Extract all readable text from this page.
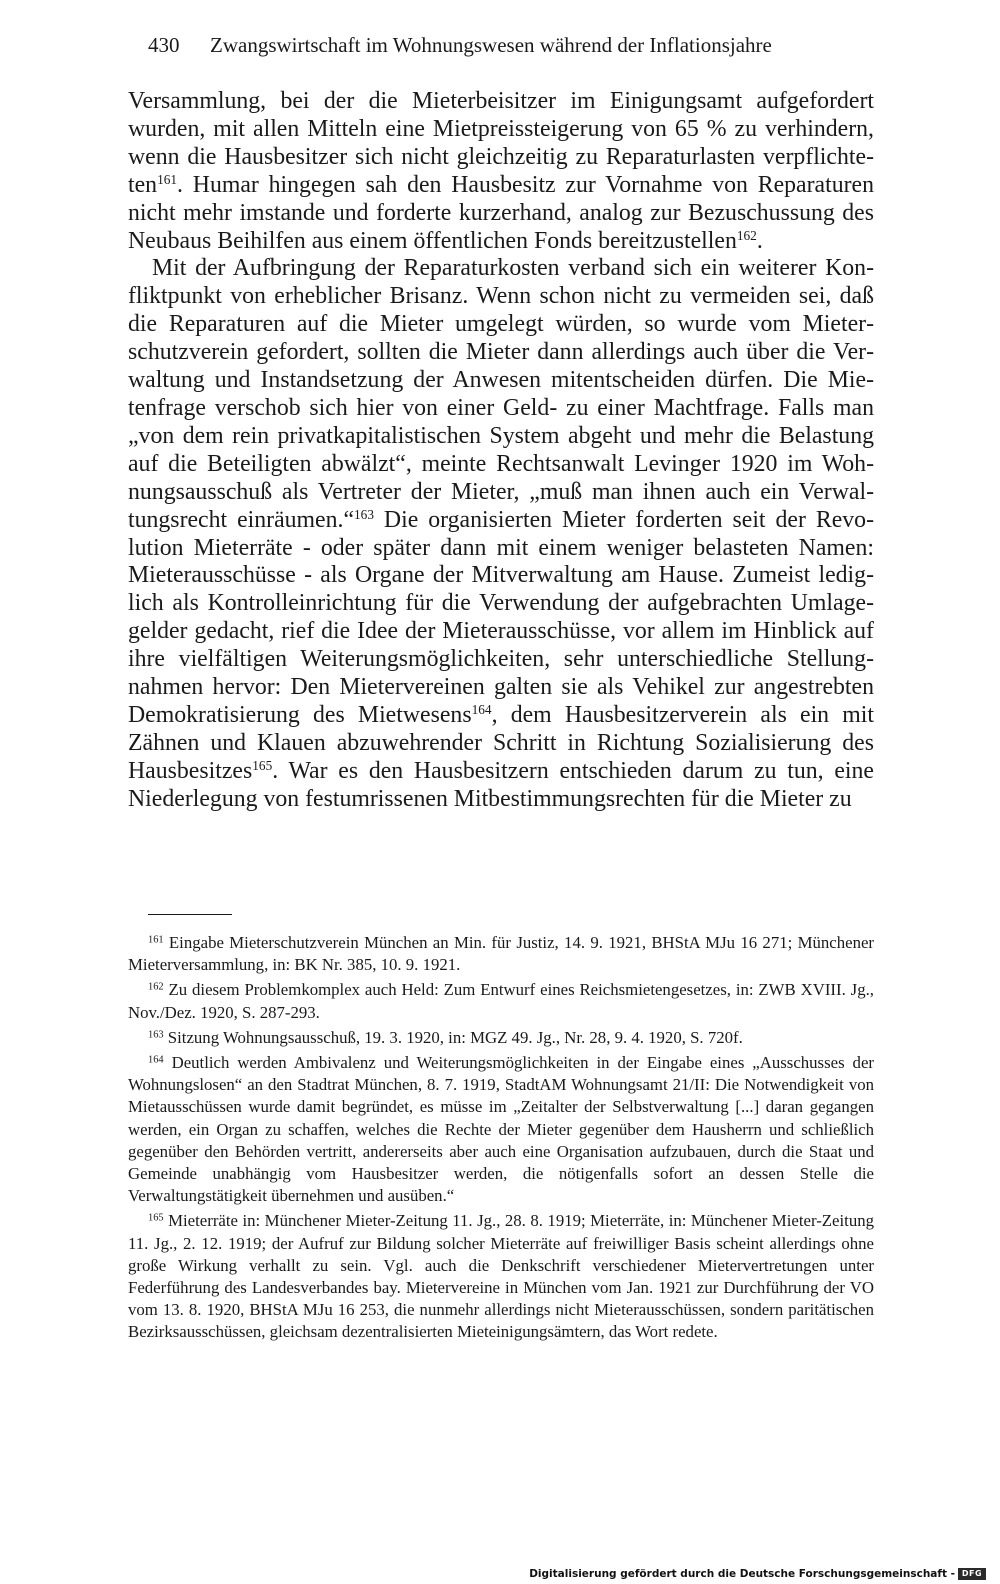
430 Zwangswirtschaft im Wohnungswesen während der Inflationsjahre

Versammlung, bei der die Mieterbeisitzer im Einigungsamt aufgefordert wurden, mit allen Mitteln eine Mietpreissteigerung von 65 % zu verhindern, wenn die Hausbesitzer sich nicht gleichzeitig zu Reparaturlasten verpflichteten$^{161}$. Humar hingegen sah den Hausbesitz zur Vornahme von Reparaturen nicht mehr imstande und forderte kurzerhand, analog zur Bezuschussung des Neubaus Beihilfen aus einem öffentlichen Fonds bereitzustellen$^{162}$.

Mit der Aufbringung der Reparaturkosten verband sich ein weiterer Konfliktpunkt von erheblicher Brisanz. Wenn schon nicht zu vermeiden sei, daß die Reparaturen auf die Mieter umgelegt würden, so wurde vom Mieterschutzverein gefordert, sollten die Mieter dann allerdings auch über die Verwaltung und Instandsetzung der Anwesen mitentscheiden dürfen. Die Mietenfrage verschob sich hier von einer Geld- zu einer Machtfrage. Falls man „von dem rein privatkapitalistischen System abgeht und mehr die Belastung auf die Beteiligten abwälzt“, meinte Rechtsanwalt Levinger 1920 im Wohnungsausschuß als Vertreter der Mieter, „muß man ihnen auch ein Verwaltungsrecht einräumen.“$^{163}$ Die organisierten Mieter forderten seit der Revolution Mieterräte - oder später dann mit einem weniger belasteten Namen: Mieterausschüsse - als Organe der Mitverwaltung am Hause. Zumeist lediglich als Kontrolleinrichtung für die Verwendung der aufgebrachten Umlagegelder gedacht, rief die Idee der Mieterausschüsse, vor allem im Hinblick auf ihre vielfältigen Weiterungsmöglichkeiten, sehr unterschiedliche Stellungnahmen hervor: Den Mietervereinen galten sie als Vehikel zur angestrebten Demokratisierung des Mietwesens$^{164}$, dem Hausbesitzerverein als ein mit Zähnen und Klauen abzuwehrender Schritt in Richtung Sozialisierung des Hausbesitzes$^{165}$. War es den Hausbesitzern entschieden darum zu tun, eine Niederlegung von festumrissenen Mitbestimmungsrechten für die Mieter zu

$^{161}$ Eingabe Mieterschutzverein München an Min. für Justiz, 14. 9. 1921, BHStA MJu 16 271; Münchener Mieterversammlung, in: BK Nr. 385, 10. 9. 1921.

$^{162}$ Zu diesem Problemkomplex auch Held: Zum Entwurf eines Reichsmietengesetzes, in: ZWB XVIII. Jg., Nov./Dez. 1920, S. 287-293.

$^{163}$ Sitzung Wohnungsausschuß, 19. 3. 1920, in: MGZ 49. Jg., Nr. 28, 9. 4. 1920, S. 720f.

$^{164}$ Deutlich werden Ambivalenz und Weiterungsmöglichkeiten in der Eingabe eines „Ausschusses der Wohnungslosen“ an den Stadtrat München, 8. 7. 1919, StadtAM Wohnungsamt 21/II: Die Notwendigkeit von Mietausschüssen wurde damit begründet, es müsse im „Zeitalter der Selbstverwaltung [...] daran gegangen werden, ein Organ zu schaffen, welches die Rechte der Mieter gegenüber dem Hausherrn und schließlich gegenüber den Behörden vertritt, andererseits aber auch eine Organisation aufzubauen, durch die Staat und Gemeinde unabhängig vom Hausbesitzer werden, die nötigenfalls sofort an dessen Stelle die Verwaltungstätigkeit übernehmen und ausüben.“

$^{165}$ Mieterräte in: Münchener Mieter-Zeitung 11. Jg., 28. 8. 1919; Mieterräte, in: Münchener Mieter-Zeitung 11. Jg., 2. 12. 1919; der Aufruf zur Bildung solcher Mieterräte auf freiwilliger Basis scheint allerdings ohne große Wirkung verhallt zu sein. Vgl. auch die Denkschrift verschiedener Mietervertretungen unter Federführung des Landesverbandes bay. Mietervereine in München vom Jan. 1921 zur Durchführung der VO vom 13. 8. 1920, BHStA MJu 16 253, die nunmehr allerdings nicht Mieterausschüssen, sondern paritätischen Bezirksausschüssen, gleichsam dezentralisierten Mieteinigungsämtern, das Wort redete.

Digitalisierung gefördert durch die Deutsche Forschungsgemeinschaft - DFG
